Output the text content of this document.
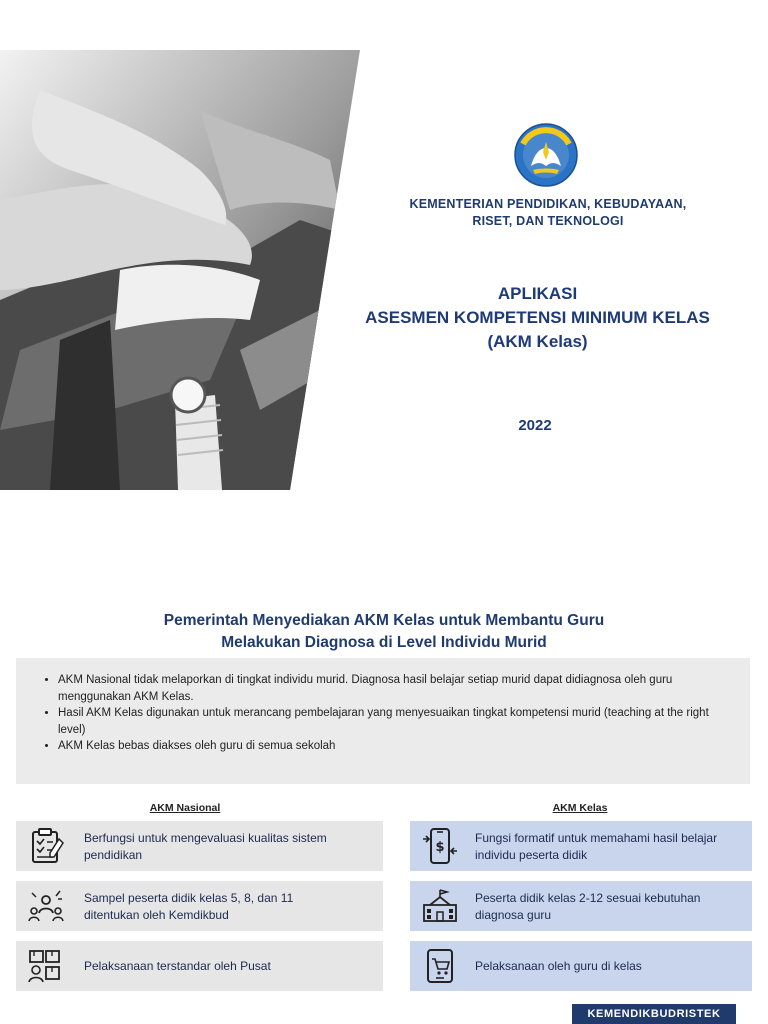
KEMENTERIAN PENDIDIKAN, KEBUDAYAAN,
RISET, DAN TEKNOLOGI
APLIKASI
ASESMEN KOMPETENSI MINIMUM KELAS
(AKM Kelas)
2022
Pemerintah Menyediakan AKM Kelas untuk Membantu Guru
Melakukan Diagnosa di Level Individu Murid
• AKM Nasional tidak melaporkan di tingkat individu murid. Diagnosa hasil belajar setiap murid dapat didiagnosa oleh guru menggunakan AKM Kelas.
• Hasil AKM Kelas digunakan untuk merancang pembelajaran yang menyesuaikan tingkat kompetensi murid (teaching at the right level)
• AKM Kelas bebas diakses oleh guru di semua sekolah
AKM Nasional	AKM Kelas
Berfungsi untuk mengevaluasi kualitas sistem
pendidikan
Sampel peserta didik kelas 5, 8, dan 11
ditentukan oleh Kemdikbud
Pelaksanaan terstandar oleh Pusat
$
Fungsi formatif untuk memahami hasil belajar
individu peserta didik
Peserta didik kelas 2-12 sesuai kebutuhan
diagnosa guru
Pelaksanaan oleh guru di kelas
KEMENDIKBUDRISTEK
